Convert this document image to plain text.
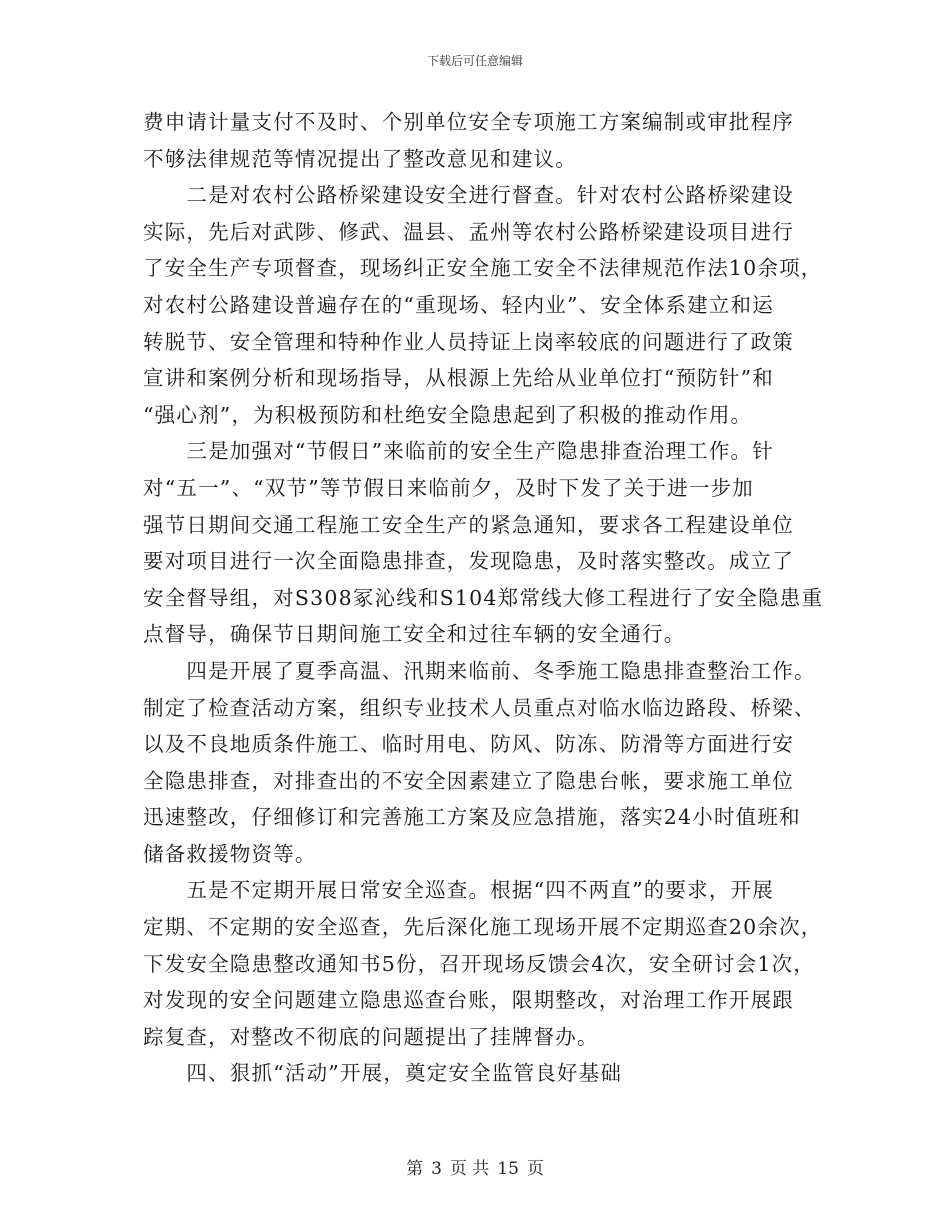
下载后可任意编辑
费申请计量支付不及时、个别单位安全专项施工方案编制或审批程序
不够法律规范等情况提出了整改意见和建议。
　　二是对农村公路桥梁建设安全进行督查。针对农村公路桥梁建设
实际，先后对武陟、修武、温县、孟州等农村公路桥梁建设项目进行
了安全生产专项督查，现场纠正安全施工安全不法律规范作法10余项，
对农村公路建设普遍存在的“重现场、轻内业”、安全体系建立和运
转脱节、安全管理和特种作业人员持证上岗率较底的问题进行了政策
宣讲和案例分析和现场指导，从根源上先给从业单位打“预防针”和
“强心剂”，为积极预防和杜绝安全隐患起到了积极的推动作用。
　　三是加强对“节假日”来临前的安全生产隐患排查治理工作。针
对“五一”、“双节”等节假日来临前夕，及时下发了关于进一步加
强节日期间交通工程施工安全生产的紧急通知，要求各工程建设单位
要对项目进行一次全面隐患排查，发现隐患，及时落实整改。成立了
安全督导组，对S308冢沁线和S104郑常线大修工程进行了安全隐患重
点督导，确保节日期间施工安全和过往车辆的安全通行。
　　四是开展了夏季高温、汛期来临前、冬季施工隐患排查整治工作。
制定了检查活动方案，组织专业技术人员重点对临水临边路段、桥梁、
以及不良地质条件施工、临时用电、防风、防冻、防滑等方面进行安
全隐患排查，对排查出的不安全因素建立了隐患台帐，要求施工单位
迅速整改，仔细修订和完善施工方案及应急措施，落实24小时值班和
储备救援物资等。
　　五是不定期开展日常安全巡查。根据“四不两直”的要求，开展
定期、不定期的安全巡查，先后深化施工现场开展不定期巡查20余次，
下发安全隐患整改通知书5份，召开现场反馈会4次，安全研讨会1次，
对发现的安全问题建立隐患巡查台账，限期整改，对治理工作开展跟
踪复查，对整改不彻底的问题提出了挂牌督办。
　　四、狠抓“活动”开展，奠定安全监管良好基础
第 3 页 共 15 页
